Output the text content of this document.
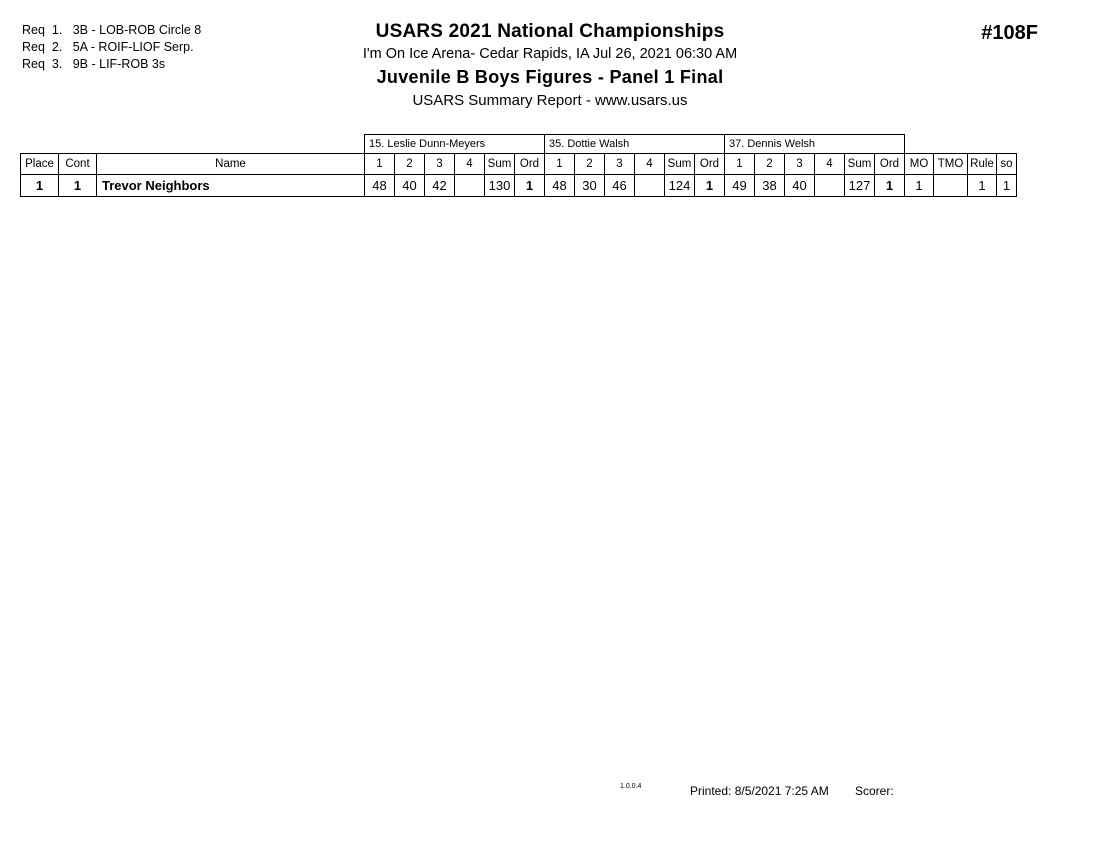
Req  1.   3B - LOB-ROB Circle 8
Req  2.   5A - ROIF-LIOF Serp.
Req  3.   9B - LIF-ROB 3s
USARS 2021 National Championships
I'm On Ice Arena- Cedar Rapids, IA Jul 26, 2021 06:30 AM
Juvenile B Boys Figures - Panel 1 Final
USARS Summary Report - www.usars.us
#108F
			15. Leslie Dunn-Meyers						35. Dottie Walsh						37. Dennis Welsh									
Place	Cont	Name	1	2	3	4	Sum	Ord	1	2	3	4	Sum	Ord	1	2	3	4	Sum	Ord	MO	TMO	Rule	so
1	1	Trevor Neighbors	48	40	42		130	1	48	30	46		124	1	49	38	40		127	1	1		1	1
1.0.0.4	Printed: 8/5/2021 7:25 AM Scorer:
